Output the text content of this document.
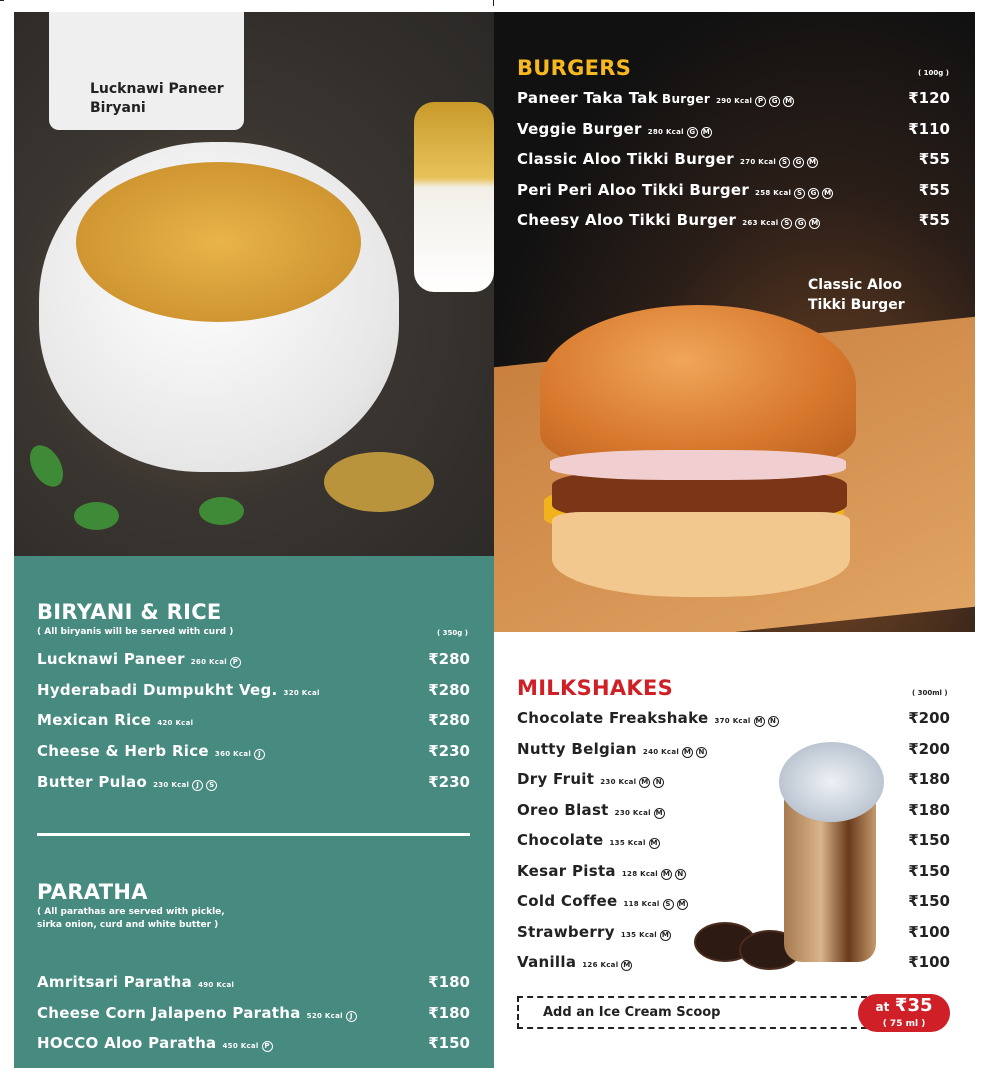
Lucknawi Paneer Biryani
BIRYANI & RICE
( All biryanis will be served with curd )	( 350g )
Lucknawi Paneer 260 Kcal P	₹280
Hyderabadi Dumpukht Veg. 320 Kcal	₹280
Mexican Rice 420 Kcal	₹280
Cheese & Herb Rice 360 Kcal	J	₹230
Butter Pulao 230 Kcal	J	S	₹230
PARATHA
( All parathas are served with pickle,
sirka onion, curd and white butter )
Amritsari Paratha 490 Kcal	₹180
Cheese Corn Jalapeno Paratha 520 Kcal	J	₹180
HOCCO Aloo Paratha 450 Kcal P	₹150
Classic Aloo Tikki Burger
BURGERS	( 100g )
Paneer Taka Tak Burger 290 Kcal P	G	M	₹120
Veggie Burger 280 Kcal G	M	₹110
Classic Aloo Tikki Burger 270 Kcal S	G	M	₹55
Peri Peri Aloo Tikki Burger 258 Kcal S	G	M	₹55
Cheesy Aloo Tikki Burger 263 Kcal S	G	M	₹55
MILKSHAKES	( 300ml )
Chocolate Freakshake 370 Kcal M	N	₹200
Nutty Belgian 240 Kcal M	N	₹200
Dry Fruit 230 Kcal M	N	₹180
Oreo Blast 230 Kcal M	₹180
Chocolate 135 Kcal M	₹150
Kesar Pista 128 Kcal M	N	₹150
Cold Coffee 118 Kcal S	M	₹150
Strawberry 135 Kcal M	₹100
Vanilla 126 Kcal M	₹100
Add an Ice Cream Scoop	at ₹35
( 75 ml )
